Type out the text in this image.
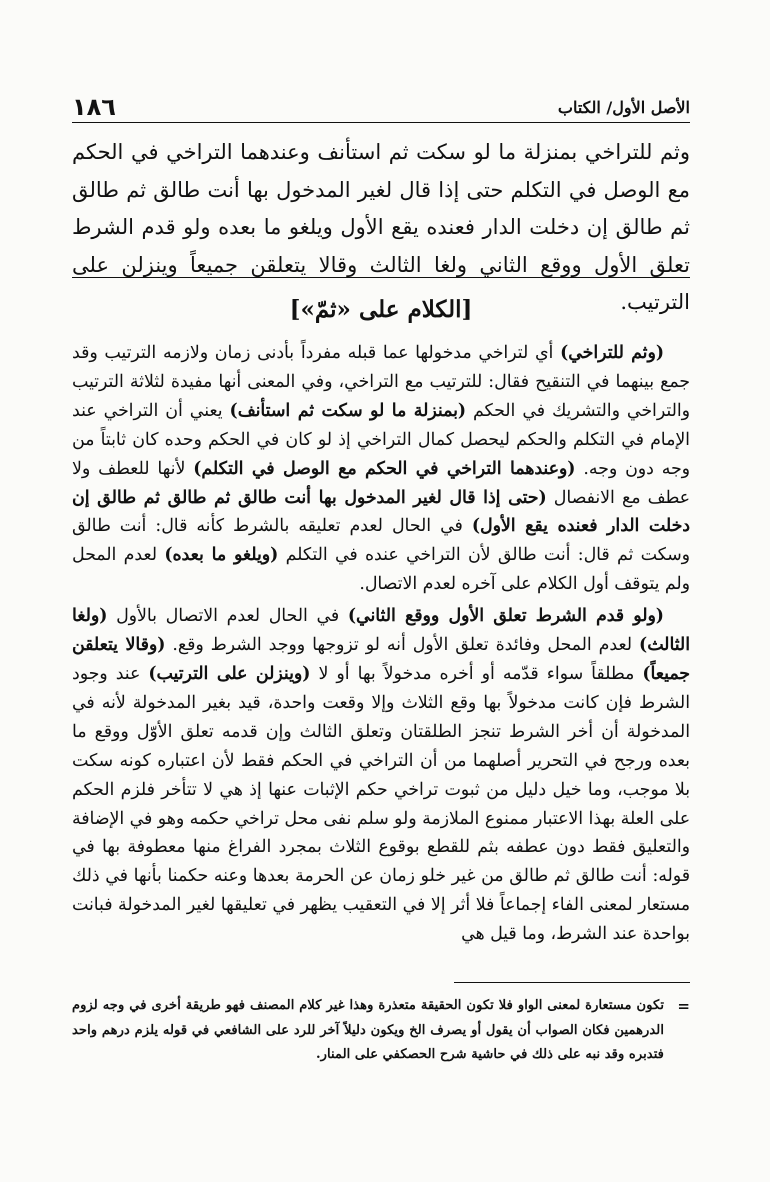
الأصل الأول/ الكتاب
١٨٦

وثم للتراخي بمنزلة ما لو سكت ثم استأنف وعندهما التراخي في الحكم مع الوصل في التكلم حتى إذا قال لغير المدخول بها أنت طالق ثم طالق ثم طالق إن دخلت الدار فعنده يقع الأول ويلغو ما بعده ولو قدم الشرط تعلق الأول ووقع الثاني ولغا الثالث وقالا يتعلقن جميعاً وينزلن على الترتيب.

[الكلام على «ثمّ»]

(وثم للتراخي) أي لتراخي مدخولها عما قبله مفرداً بأدنى زمان ولازمه الترتيب وقد جمع بينهما في التنقيح فقال: للترتيب مع التراخي، وفي المعنى أنها مفيدة لثلاثة الترتيب والتراخي والتشريك في الحكم (بمنزلة ما لو سكت ثم استأنف) يعني أن التراخي عند الإمام في التكلم والحكم ليحصل كمال التراخي إذ لو كان في الحكم وحده كان ثابتاً من وجه دون وجه. (وعندهما التراخي في الحكم مع الوصل في التكلم) لأنها للعطف ولا عطف مع الانفصال (حتى إذا قال لغير المدخول بها أنت طالق ثم طالق ثم طالق إن دخلت الدار فعنده يقع الأول) في الحال لعدم تعليقه بالشرط كأنه قال: أنت طالق وسكت ثم قال: أنت طالق لأن التراخي عنده في التكلم (ويلغو ما بعده) لعدم المحل ولم يتوقف أول الكلام على آخره لعدم الاتصال.

(ولو قدم الشرط تعلق الأول ووقع الثاني) في الحال لعدم الاتصال بالأول (ولغا الثالث) لعدم المحل وفائدة تعلق الأول أنه لو تزوجها ووجد الشرط وقع. (وقالا يتعلقن جميعاً) مطلقاً سواء قدّمه أو أخره مدخولاً بها أو لا (وينزلن على الترتيب) عند وجود الشرط فإن كانت مدخولاً بها وقع الثلاث وإلا وقعت واحدة، قيد بغير المدخولة لأنه في المدخولة أن أخر الشرط تنجز الطلقتان وتعلق الثالث وإن قدمه تعلق الأوّل ووقع ما بعده ورجح في التحرير أصلهما من أن التراخي في الحكم فقط لأن اعتباره كونه سكت بلا موجب، وما خيل دليل من ثبوت تراخي حكم الإثبات عنها إذ هي لا تتأخر فلزم الحكم على العلة بهذا الاعتبار ممنوع الملازمة ولو سلم نفى محل تراخي حكمه وهو في الإضافة والتعليق فقط دون عطفه بثم للقطع بوقوع الثلاث بمجرد الفراغ منها معطوفة بها في قوله: أنت طالق ثم طالق من غير خلو زمان عن الحرمة بعدها وعنه حكمنا بأنها في ذلك مستعار لمعنى الفاء إجماعاً فلا أثر إلا في التعقيب يظهر في تعليقها لغير المدخولة فبانت بواحدة عند الشرط، وما قيل هي

=
تكون مستعارة لمعنى الواو فلا تكون الحقيقة متعذرة وهذا غير كلام المصنف فهو طريقة أخرى في وجه لزوم الدرهمين فكان الصواب أن يقول أو يصرف الخ ويكون دليلاً آخر للرد على الشافعي في قوله يلزم درهم واحد فتدبره وقد نبه على ذلك في حاشية شرح الحصكفي على المنار.
